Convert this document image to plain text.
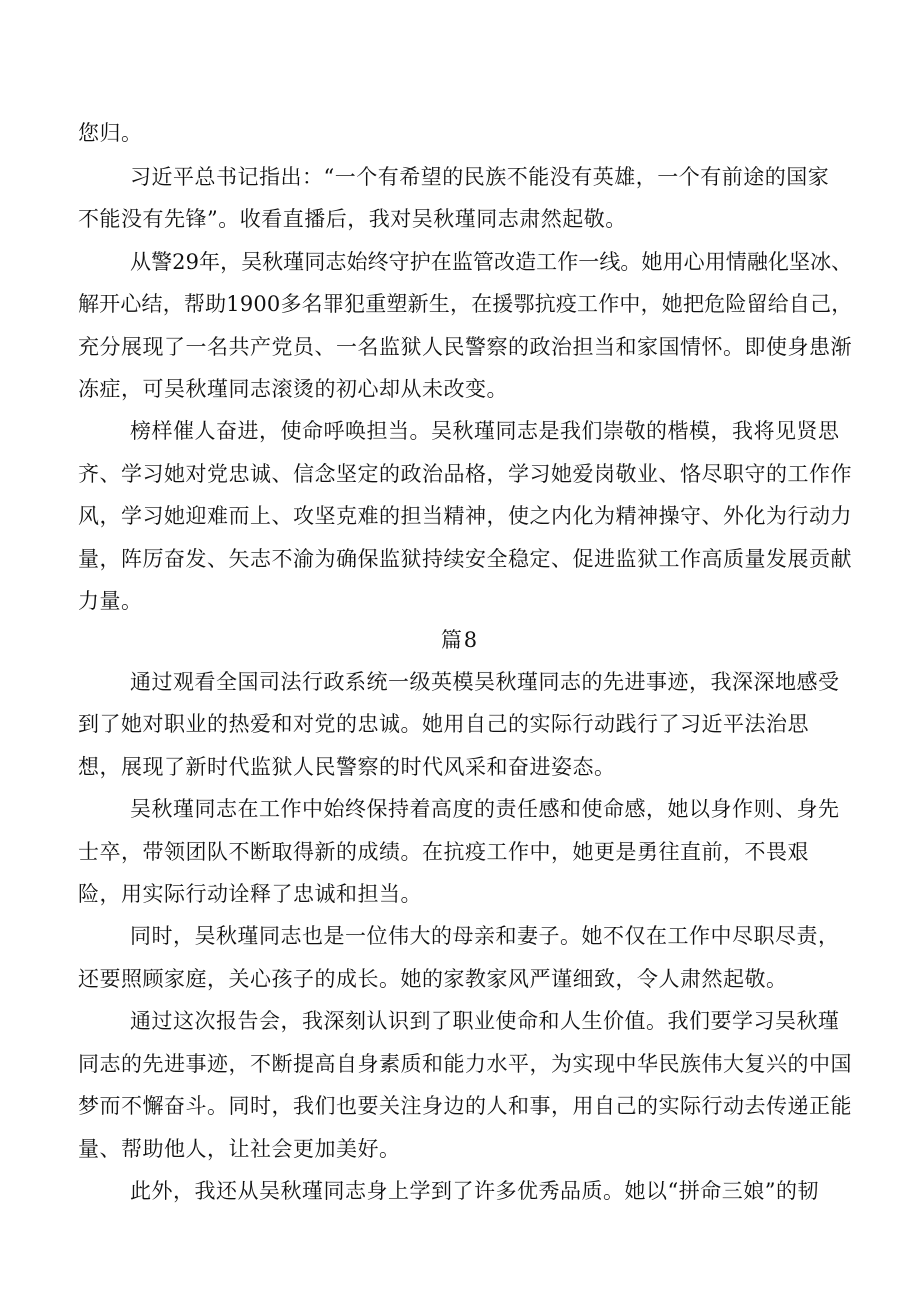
您归。
习近平总书记指出：“一个有希望的民族不能没有英雄，一个有前途的国家
不能没有先锋”。收看直播后，我对吴秋瑾同志肃然起敬。
从警29年，吴秋瑾同志始终守护在监管改造工作一线。她用心用情融化坚冰、
解开心结，帮助1900多名罪犯重塑新生，在援鄂抗疫工作中，她把危险留给自己，
充分展现了一名共产党员、一名监狱人民警察的政治担当和家国情怀。即使身患渐
冻症，可吴秋瑾同志滚烫的初心却从未改变。
榜样催人奋进，使命呼唤担当。吴秋瑾同志是我们崇敬的楷模，我将见贤思
齐、学习她对党忠诚、信念坚定的政治品格，学习她爱岗敬业、恪尽职守的工作作
风，学习她迎难而上、攻坚克难的担当精神，使之内化为精神操守、外化为行动力
量，阵厉奋发、矢志不渝为确保监狱持续安全稳定、促进监狱工作高质量发展贡献
力量。
篇8
通过观看全国司法行政系统一级英模吴秋瑾同志的先进事迹，我深深地感受
到了她对职业的热爱和对党的忠诚。她用自己的实际行动践行了习近平法治思
想，展现了新时代监狱人民警察的时代风采和奋进姿态。
吴秋瑾同志在工作中始终保持着高度的责任感和使命感，她以身作则、身先
士卒，带领团队不断取得新的成绩。在抗疫工作中，她更是勇往直前，不畏艰
险，用实际行动诠释了忠诚和担当。
同时，吴秋瑾同志也是一位伟大的母亲和妻子。她不仅在工作中尽职尽责，
还要照顾家庭，关心孩子的成长。她的家教家风严谨细致，令人肃然起敬。
通过这次报告会，我深刻认识到了职业使命和人生价值。我们要学习吴秋瑾
同志的先进事迹，不断提高自身素质和能力水平，为实现中华民族伟大复兴的中国
梦而不懈奋斗。同时，我们也要关注身边的人和事，用自己的实际行动去传递正能
量、帮助他人，让社会更加美好。
此外，我还从吴秋瑾同志身上学到了许多优秀品质。她以“拼命三娘”的韧
